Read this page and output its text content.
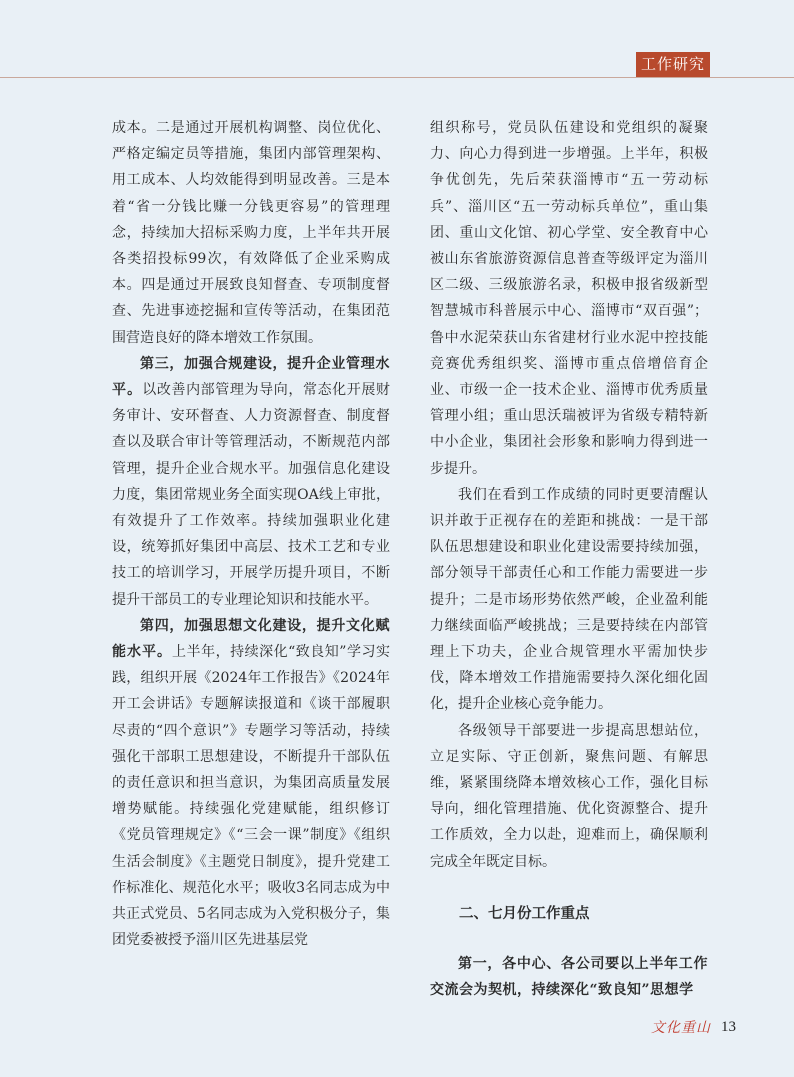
工作研究

成本。二是通过开展机构调整、岗位优化、严格定编定员等措施，集团内部管理架构、用工成本、人均效能得到明显改善。三是本着“省一分钱比赚一分钱更容易”的管理理念，持续加大招标采购力度，上半年共开展各类招投标99次，有效降低了企业采购成本。四是通过开展致良知督查、专项制度督查、先进事迹挖掘和宣传等活动，在集团范围营造良好的降本增效工作氛围。

第三，加强合规建设，提升企业管理水平。以改善内部管理为导向，常态化开展财务审计、安环督查、人力资源督查、制度督查以及联合审计等管理活动，不断规范内部管理，提升企业合规水平。加强信息化建设力度，集团常规业务全面实现OA线上审批，有效提升了工作效率。持续加强职业化建设，统筹抓好集团中高层、技术工艺和专业技工的培训学习，开展学历提升项目，不断提升干部员工的专业理论知识和技能水平。

第四，加强思想文化建设，提升文化赋能水平。上半年，持续深化“致良知”学习实践，组织开展《2024年工作报告》《2024年开工会讲话》专题解读报道和《谈干部履职尽责的“四个意识”》专题学习等活动，持续强化干部职工思想建设，不断提升干部队伍的责任意识和担当意识，为集团高质量发展增势赋能。持续强化党建赋能，组织修订《党员管理规定》《“三会一课”制度》《组织生活会制度》《主题党日制度》，提升党建工作标准化、规范化水平；吸收3名同志成为中共正式党员、5名同志成为入党积极分子，集团党委被授予淄川区先进基层党

组织称号，党员队伍建设和党组织的凝聚力、向心力得到进一步增强。上半年，积极争优创先，先后荣获淄博市“五一劳动标兵”、淄川区“五一劳动标兵单位”，重山集团、重山文化馆、初心学堂、安全教育中心被山东省旅游资源信息普查等级评定为淄川区二级、三级旅游名录，积极申报省级新型智慧城市科普展示中心、淄博市“双百强”；鲁中水泥荣获山东省建材行业水泥中控技能竞赛优秀组织奖、淄博市重点倍增倍育企业、市级一企一技术企业、淄博市优秀质量管理小组；重山思沃瑞被评为省级专精特新中小企业，集团社会形象和影响力得到进一步提升。

我们在看到工作成绩的同时更要清醒认识并敢于正视存在的差距和挑战：一是干部队伍思想建设和职业化建设需要持续加强，部分领导干部责任心和工作能力需要进一步提升；二是市场形势依然严峻，企业盈利能力继续面临严峻挑战；三是要持续在内部管理上下功夫，企业合规管理水平需加快步伐，降本增效工作措施需要持久深化细化固化，提升企业核心竞争能力。

各级领导干部要进一步提高思想站位，立足实际、守正创新，聚焦问题、有解思维，紧紧围绕降本增效核心工作，强化目标导向，细化管理措施、优化资源整合、提升工作质效，全力以赴，迎难而上，确保顺利完成全年既定目标。

二、七月份工作重点

第一，各中心、各公司要以上半年工作交流会为契机，持续深化“致良知”思想学

文化重山 13
